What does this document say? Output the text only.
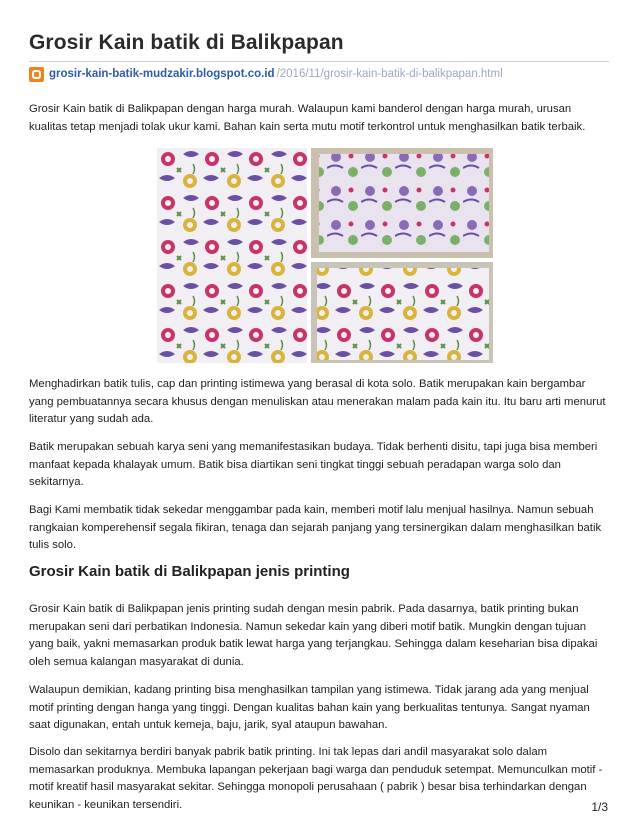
Grosir Kain batik di Balikpapan
grosir-kain-batik-mudzakir.blogspot.co.id /2016/11/grosir-kain-batik-di-balikpapan.html

Grosir Kain batik di Balikpapan dengan harga murah. Walaupun kami banderol dengan harga murah, urusan kualitas tetap menjadi tolak ukur kami. Bahan kain serta mutu motif terkontrol untuk menghasilkan batik terbaik.

Menghadirkan batik tulis, cap dan printing istimewa yang berasal di kota solo. Batik merupakan kain bergambar yang pembuatannya secara khusus dengan menuliskan atau menerakan malam pada kain itu. Itu baru arti menurut literatur yang sudah ada.

Batik merupakan sebuah karya seni yang memanifestasikan budaya. Tidak berhenti disitu, tapi juga bisa memberi manfaat kepada khalayak umum. Batik bisa diartikan seni tingkat tinggi sebuah peradapan warga solo dan sekitarnya.

Bagi Kami membatik tidak sekedar menggambar pada kain, memberi motif lalu menjual hasilnya. Namun sebuah rangkaian komperehensif segala fikiran, tenaga dan sejarah panjang yang tersinergikan dalam menghasilkan batik tulis solo.

Grosir Kain batik di Balikpapan jenis printing

Grosir Kain batik di Balikpapan jenis printing sudah dengan mesin pabrik. Pada dasarnya, batik printing bukan merupakan seni dari perbatikan Indonesia. Namun sekedar kain yang diberi motif batik. Mungkin dengan tujuan yang baik, yakni memasarkan produk batik lewat harga yang terjangkau. Sehingga dalam keseharian bisa dipakai oleh semua kalangan masyarakat di dunia.

Walaupun demikian, kadang printing bisa menghasilkan tampilan yang istimewa. Tidak jarang ada yang menjual motif printing dengan hanga yang tinggi. Dengan kualitas bahan kain yang berkualitas tentunya. Sangat nyaman saat digunakan, entah untuk kemeja, baju, jarik, syal ataupun bawahan.

Disolo dan sekitarnya berdiri banyak pabrik batik printing. Ini tak lepas dari andil masyarakat solo dalam memasarkan produknya. Membuka lapangan pekerjaan bagi warga dan penduduk setempat. Memunculkan motif - motif kreatif hasil masyarakat sekitar. Sehingga monopoli perusahaan ( pabrik ) besar bisa terhindarkan dengan keunikan - keunikan tersendiri.	1/3
